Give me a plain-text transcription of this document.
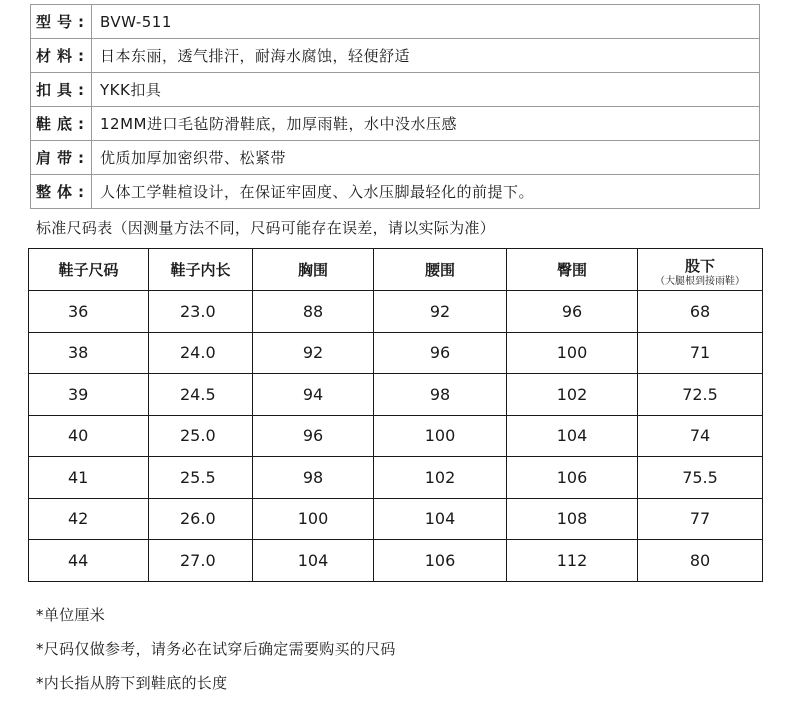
型号: BVW-511
材料: 日本东丽，透气排汗，耐海水腐蚀，轻便舒适
扣具: YKK扣具
鞋底: 12MM进口毛毡防滑鞋底，加厚雨鞋，水中没水压感
肩带: 优质加厚加密织带、松紧带
整体: 人体工学鞋楦设计，在保证牢固度、入水压脚最轻化的前提下。
标准尺码表（因测量方法不同，尺码可能存在误差，请以实际为准）
鞋子尺码	鞋子内长	胸围	腰围	臀围	股下
（大腿根到接雨鞋）

36	23.0	88	92	96	68
38	24.0	92	96	100	71
39	24.5	94	98	102	72.5
40	25.0	96	100	104	74
41	25.5	98	102	106	75.5
42	26.0	100	104	108	77
44	27.0	104	106	112	80
*单位厘米
*尺码仅做参考，请务必在试穿后确定需要购买的尺码
*内长指从胯下到鞋底的长度
